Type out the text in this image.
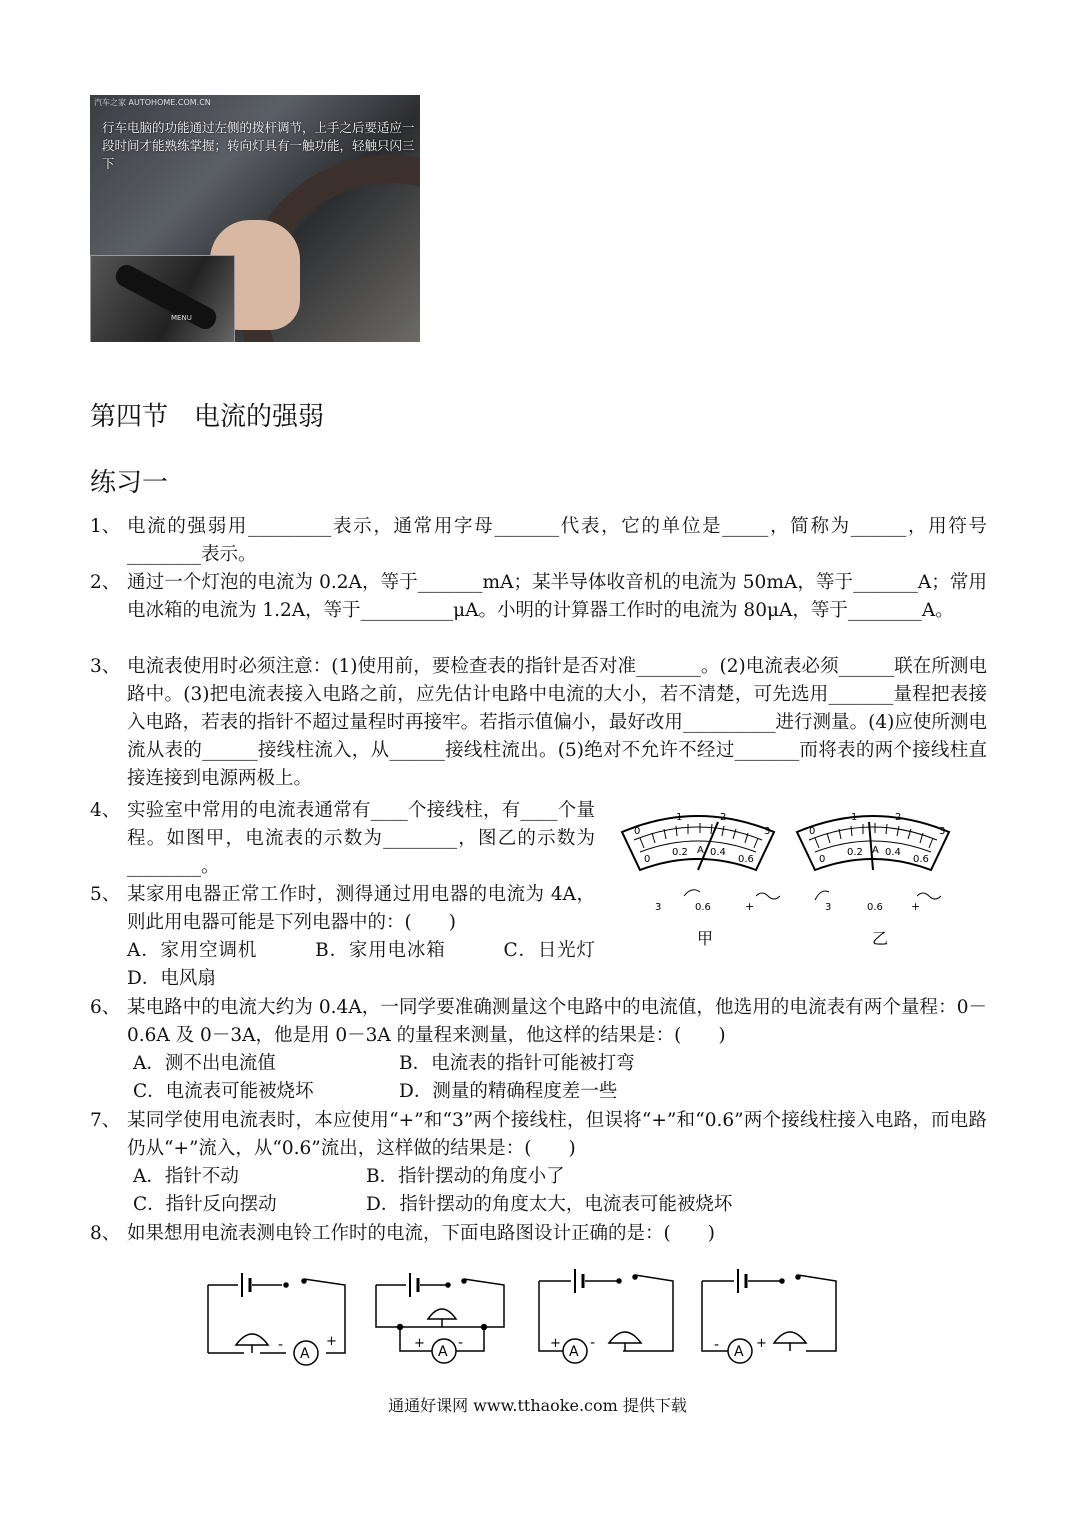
汽车之家 AUTOHOME.COM.CN
行车电脑的功能通过左侧的拨杆调节，上手之后要适应一段时间才能熟练掌握；转向灯具有一触功能，轻触只闪三下
MENU
第四节　电流的强弱
练习一
1、 电流的强弱用_________表示，通常用字母_______代表，它的单位是_____，简称为______，用符号________表示。
2、 通过一个灯泡的电流为 0.2A，等于_______mA；某半导体收音机的电流为 50mA，等于_______A；常用电冰箱的电流为 1.2A，等于__________μA。小明的计算器工作时的电流为 80μA，等于________A。
3、 电流表使用时必须注意：(1)使用前，要检查表的指针是否对准_______。(2)电流表必须______联在所测电路中。(3)把电流表接入电路之前，应先估计电路中电流的大小，若不清楚，可先选用_______量程把表接入电路，若表的指针不超过量程时再接牢。若指示值偏小，最好改用__________进行测量。(4)应使所测电流从表的______接线柱流入，从______接线柱流出。(5)绝对不允许不经过_______而将表的两个接线柱直接连接到电源两极上。
4、 实验室中常用的电流表通常有____个接线柱，有____个量程。如图甲，电流表的示数为________，图乙的示数为________。
5、 某家用电器正常工作时，测得通过用电器的电流为 4A，则此用电器可能是下列电器中的：(　　)
A．家用空调机　　　B．家用电冰箱　　　C．日光灯　　　D．电风扇
0
1	2
3
0
0.2 A 0.4
0.6
3	0.6	+
甲
0
1	2
3
0
0.2 A 0.4
0.6
3	0.6	+
乙
6、 某电路中的电流大约为 0.4A，一同学要准确测量这个电路中的电流值，他选用的电流表有两个量程：0－0.6A 及 0－3A，他是用 0－3A 的量程来测量，他这样的结果是：(　　)
A．测不出电流值	B．电流表的指针可能被打弯
C．电流表可能被烧坏	D．测量的精确程度差一些
7、 某同学使用电流表时，本应使用“+”和“3”两个接线柱，但误将“+”和“0.6”两个接线柱接入电路，而电路仍从“+”流入，从“0.6”流出，这样做的结果是：(　　)
A．指针不动	B．指针摆动的角度小了
C．指针反向摆动	D．指针摆动的角度太大，电流表可能被烧坏
8、 如果想用电流表测电铃工作时的电流，下面电路图设计正确的是：(　　)
A
-	+
A
+ -
A
+ -
A
-	+
通通好课网 www.tthaoke.com 提供下载
